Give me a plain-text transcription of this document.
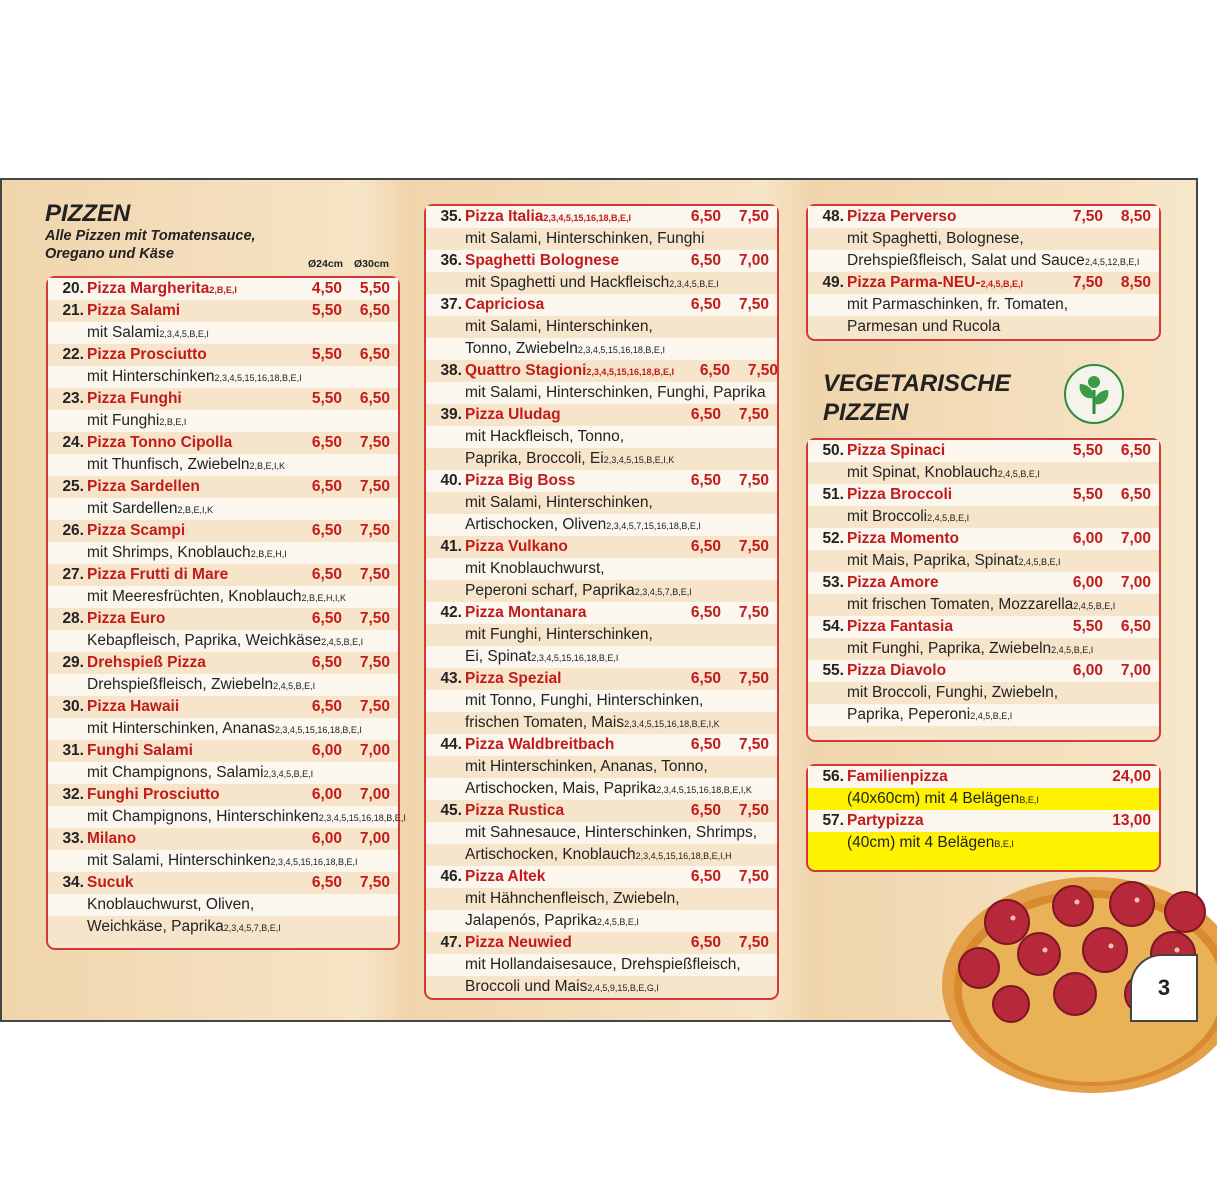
PIZZEN
Alle Pizzen mit Tomatensauce,
Oregano und Käse
Ø24cm Ø30cm
20. Pizza Margherita2,B,E,I	4,50	5,50
21. Pizza Salami	5,50	6,50
mit Salami2,3,4,5,B,E,I
22. Pizza Prosciutto	5,50	6,50
mit Hinterschinken2,3,4,5,15,16,18,B,E,I
23. Pizza Funghi	5,50	6,50
mit Funghi2,B,E,I
24. Pizza Tonno Cipolla	6,50	7,50
mit Thunfisch, Zwiebeln2,B,E,I,K
25. Pizza Sardellen	6,50	7,50
mit Sardellen2,B,E,I,K
26. Pizza Scampi	6,50	7,50
mit Shrimps, Knoblauch2,B,E,H,I
27. Pizza Frutti di Mare	6,50	7,50
mit Meeresfrüchten, Knoblauch2,B,E,H,I,K
28. Pizza Euro	6,50	7,50
Kebapfleisch, Paprika, Weichkäse2,4,5,B,E,I
29. Drehspieß Pizza	6,50	7,50
Drehspießfleisch, Zwiebeln2,4,5,B,E,I
30. Pizza Hawaii	6,50	7,50
mit Hinterschinken, Ananas2,3,4,5,15,16,18,B,E,I
31. Funghi Salami	6,00	7,00
mit Champignons, Salami2,3,4,5,B,E,I
32. Funghi Prosciutto	6,00	7,00
mit Champignons, Hinterschinken2,3,4,5,15,16,18,B,E,I
33. Milano	6,00	7,00
mit Salami, Hinterschinken2,3,4,5,15,16,18,B,E,I
34. Sucuk	6,50	7,50
Knoblauchwurst, Oliven,
Weichkäse, Paprika2,3,4,5,7,B,E,I
35. Pizza Italia2,3,4,5,15,16,18,B,E,I	6,50	7,50
mit Salami, Hinterschinken, Funghi
36. Spaghetti Bolognese	6,50	7,00
mit Spaghetti und Hackfleisch2,3,4,5,B,E,I
37. Capriciosa	6,50	7,50
mit Salami, Hinterschinken,
Tonno, Zwiebeln2,3,4,5,15,16,18,B,E,I
38. Quattro Stagioni2,3,4,5,15,16,18,B,E,I	6,50	7,50
mit Salami, Hinterschinken, Funghi, Paprika
39. Pizza Uludag	6,50	7,50
mit Hackfleisch, Tonno,
Paprika, Broccoli, Ei2,3,4,5,15,B,E,I,K
40. Pizza Big Boss	6,50	7,50
mit Salami, Hinterschinken,
Artischocken, Oliven2,3,4,5,7,15,16,18,B,E,I
41. Pizza Vulkano	6,50	7,50
mit Knoblauchwurst,
Peperoni scharf, Paprika2,3,4,5,7,B,E,I
42. Pizza Montanara	6,50	7,50
mit Funghi, Hinterschinken,
Ei, Spinat2,3,4,5,15,16,18,B,E,I
43. Pizza Spezial	6,50	7,50
mit Tonno, Funghi, Hinterschinken,
frischen Tomaten, Mais2,3,4,5,15,16,18,B,E,I,K
44. Pizza Waldbreitbach	6,50	7,50
mit Hinterschinken, Ananas, Tonno,
Artischocken, Mais, Paprika2,3,4,5,15,16,18,B,E,I,K
45. Pizza Rustica	6,50	7,50
mit Sahnesauce, Hinterschinken, Shrimps,
Artischocken, Knoblauch2,3,4,5,15,16,18,B,E,I,H
46. Pizza Altek	6,50	7,50
mit Hähnchenfleisch, Zwiebeln,
Jalapenós, Paprika2,4,5,B,E,I
47. Pizza Neuwied	6,50	7,50
mit Hollandaisesauce, Drehspießfleisch,
Broccoli und Mais2,4,5,9,15,B,E,G,I
48. Pizza Perverso	7,50	8,50
mit Spaghetti, Bolognese,
Drehspießfleisch, Salat und Sauce2,4,5,12,B,E,I
49. Pizza Parma-NEU-2,4,5,B,E,I	7,50	8,50
mit Parmaschinken, fr. Tomaten,
Parmesan und Rucola
VEGETARISCHE
PIZZEN
50. Pizza Spinaci	5,50	6,50
mit Spinat, Knoblauch2,4,5,B,E,I
51. Pizza Broccoli	5,50	6,50
mit Broccoli2,4,5,B,E,I
52. Pizza Momento	6,00	7,00
mit Mais, Paprika, Spinat2,4,5,B,E,I
53. Pizza Amore	6,00	7,00
mit frischen Tomaten, Mozzarella2,4,5,B,E,I
54. Pizza Fantasia	5,50	6,50
mit Funghi, Paprika, Zwiebeln2,4,5,B,E,I
55. Pizza Diavolo	6,00	7,00
mit Broccoli, Funghi, Zwiebeln,
Paprika, Peperoni2,4,5,B,E,I
56. Familienpizza	24,00
(40x60cm) mit 4 BelägenB,E,I
57. Partypizza	13,00
(40cm) mit 4 BelägenB,E,I
3
